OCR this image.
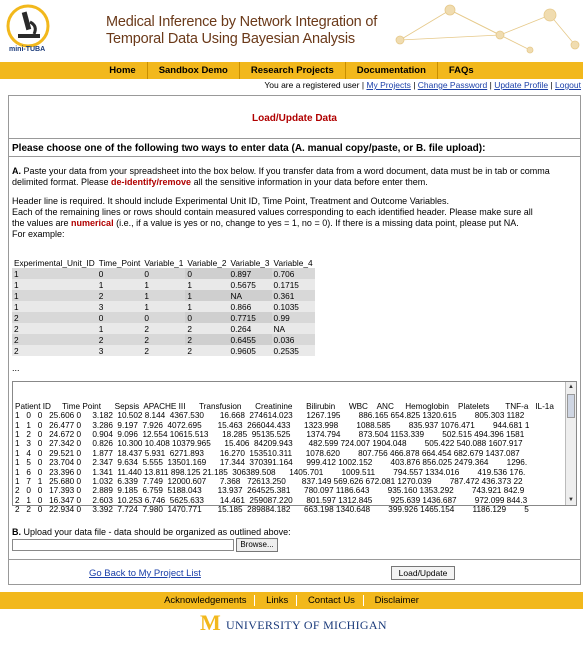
mini-TUBA
Medical Inference by Network Integration of
Temporal Data Using Bayesian Analysis
Home	Sandbox Demo	Research Projects	Documentation	FAQs
You are a registered user | My Projects | Change Password | Update Profile | Logout
Load/Update Data
Please choose one of the following two ways to enter data (A. manual copy/paste, or B. file upload):
A. Paste your data from your spreadsheet into the box below. If you transfer data from a word document, data must be in tab or comma delimited format. Please de-identify/remove all the sensitive information in your data before enter them.
Header line is required. It should include Experimental Unit ID, Time Point, Treatment and Outcome Variables.
Each of the remaining lines or rows should contain measured values corresponding to each identified header. Please make sure all
the values are numerical (i.e., if a value is yes or no, change to yes = 1, no = 0). If there is a missing data point, please put NA.
For example:
Experimental_Unit_ID	Time_Point	Variable_1	Variable_2	Variable_3	Variable_4
1	0	0	0	0.897	0.706
1	1	1	1	0.5675	0.1715
1	2	1	1	NA	0.361
1	3	1	1	0.866	0.1035
2	0	0	0	0.7715	0.99
2	1	2	2	0.264	NA
2	2	2	2	0.6455	0.036
2	3	2	2	0.9605	0.2535
...

Patient ID     Time Point      Sepsis  APACHE III      Transfusion      Creatinine      Bilirubin      WBC    ANC     Hemoglobin    Platelets       TNF-a   IL-1a
1   0   0   25.606 0     3.182  10.502 8.144  4367.530       16.668  274614.023      1267.195        886.165 654.825 1320.615        805.303 1182
1   1   0   26.477 0     3.286  9.197  7.926  4072.695       15.463  266044.433      1323.998        1088.585        835.937 1076.471        944.681 1
1   2   0   24.672 0     0.904  9.096  12.554 10615.513      18.285  95135.525       1374.794        873.504 1153.339        502.515 494.396 1581
1   3   0   27.342 0     0.826  10.300 10.408 10379.965      15.406  84209.943       482.599 724.007 1904.048        505.422 540.088 1607.917
1   4   0   29.521 0     1.877  18.437 5.931  6271.893       16.270  153510.311      1078.620        807.756 466.878 664.454 682.679 1437.087
1   5   0   23.704 0     2.347  9.634  5.555  13501.169      17.344  370391.164      999.412 1002.152        403.876 856.025 2479.364        1296.
1   6   0   23.396 0     1.341  11.440 13.811 898.125 21.185  306389.508      1405.701        1009.511        794.557 1334.016        419.536 176.
1   7   1   25.680 0     1.032  6.339  7.749  12000.607      7.368   72613.250       837.149 569.626 672.081 1270.039        787.472 436.373 22
2   0   0   17.393 0     2.889  9.185  6.759  5188.043       13.937  264525.381      780.097 1186.643        935.160 1353.292        743.921 842.9
2   1   0   16.347 0     2.603  10.253 6.746  5625.633       14.461  259087.220      801.597 1312.845        925.639 1436.687        972.099 844.3
2   2   0   22.934 0     3.392  7.724  7.980  1470.771       15.185  289884.182      663.198 1340.648        399.926 1465.154        1186.129        5

▲

▼

B. Upload your data file - data should be organized as outlined above:
Browse...
Go Back to My Project List	Load/Update
Acknowledgements Links Contact Us Disclaimer
M UNIVERSITY OF MICHIGAN
